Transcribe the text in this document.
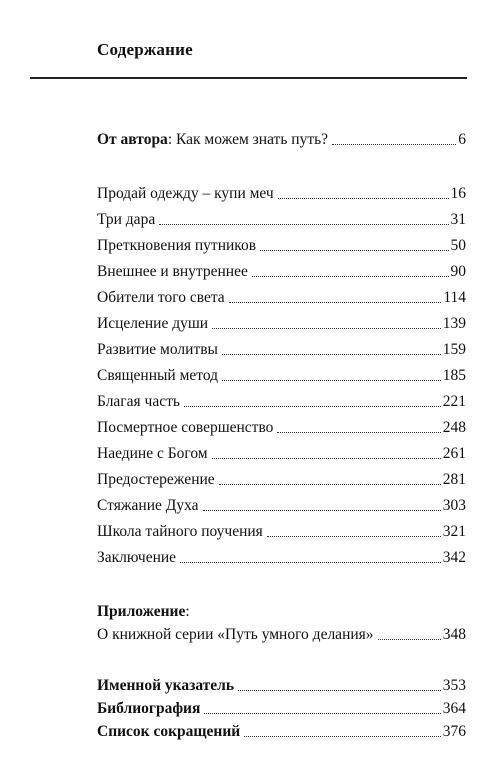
Содержание
От автора: Как можем знать путь?	6
Продай одежду – купи меч	16
Три дара	31
Преткновения путников	50
Внешнее и внутреннее	90
Обители того света	114
Исцеление души	139
Развитие молитвы	159
Священный метод	185
Благая часть	221
Посмертное совершенство	248
Наедине с Богом	261
Предостережение	281
Стяжание Духа	303
Школа тайного поучения	321
Заключение	342
Приложение:
О книжной серии «Путь умного делания»	348
Именной указатель	353
Библиография	364
Список сокращений	376
